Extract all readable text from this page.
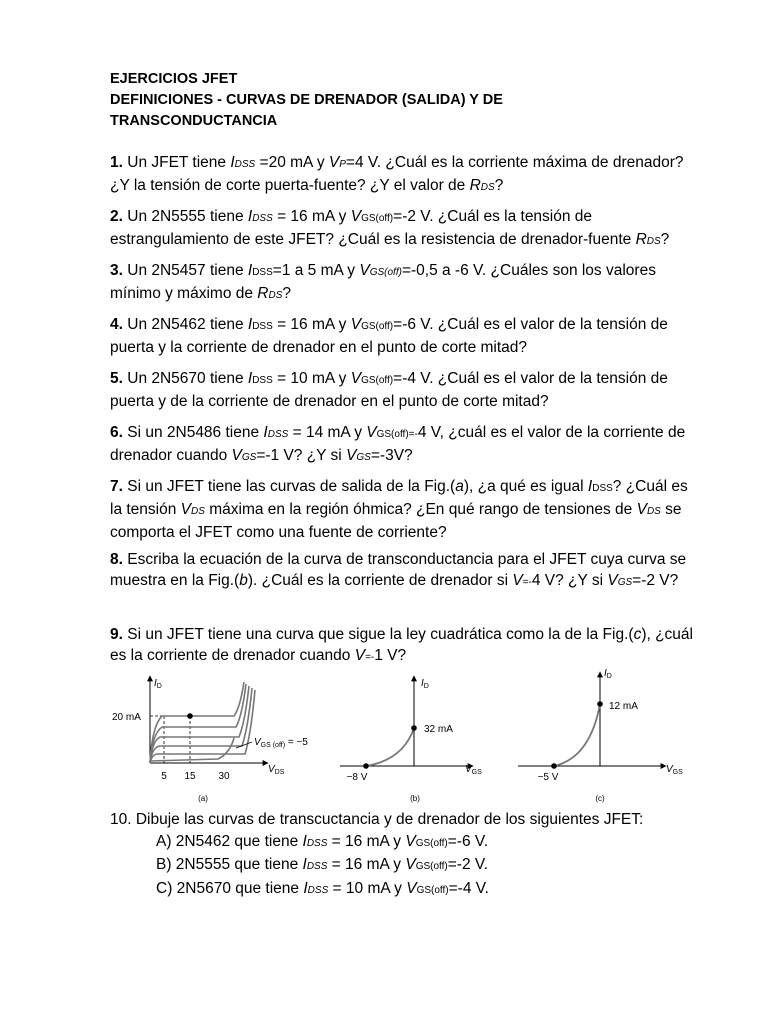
EJERCICIOS JFET
DEFINICIONES - CURVAS DE DRENADOR (SALIDA) Y DE
TRANSCONDUCTANCIA
1. Un JFET tiene IDSS =20 mA y VP=4 V. ¿Cuál es la corriente máxima de drenador? ¿Y la tensión de corte puerta-fuente? ¿Y el valor de RDS?
2. Un 2N5555 tiene IDSS = 16 mA y VGS(off)=-2 V. ¿Cuál es la tensión de estrangulamiento de este JFET? ¿Cuál es la resistencia de drenador-fuente RDS?
3. Un 2N5457 tiene IDSS=1 a 5 mA y VGS(off)=-0,5 a -6 V. ¿Cuáles son los valores mínimo y máximo de RDS?
4. Un 2N5462 tiene IDSS = 16 mA y VGS(off)=-6 V. ¿Cuál es el valor de la tensión de puerta y la corriente de drenador en el punto de corte mitad?
5. Un 2N5670 tiene IDSS = 10 mA y VGS(off)=-4 V. ¿Cuál es el valor de la tensión de puerta y de la corriente de drenador en el punto de corte mitad?
6. Si un 2N5486 tiene IDSS = 14 mA y VGS(off)=-4 V, ¿cuál es el valor de la corriente de drenador cuando VGS=-1 V? ¿Y si VGS=-3V?
7. Si un JFET tiene las curvas de salida de la Fig.(a), ¿a qué es igual IDSS? ¿Cuál es la tensión VDS máxima en la región óhmica? ¿En qué rango de tensiones de VDS se comporta el JFET como una fuente de corriente?
8. Escriba la ecuación de la curva de transconductancia para el JFET cuya curva se muestra en la Fig.(b). ¿Cuál es la corriente de drenador si V=-4 V? ¿Y si VGS=-2 V?
9. Si un JFET tiene una curva que sigue la ley cuadrática como la de la Fig.(c), ¿cuál es la corriente de drenador cuando V=-1 V?
$I_D$
$V_{DS}$
20 mA
$V_{GS (off)} = -5$
5 15 30
(a)
$I_D$
$V_{GS}$
32 mA
−8 V
(b)
$I_D$
$V_{GS}$
12 mA
−5 V
(c)
10. Dibuje las curvas de transcuctancia y de drenador de los siguientes JFET:
A) 2N5462 que tiene IDSS = 16 mA y VGS(off)=-6 V.
B) 2N5555 que tiene IDSS = 16 mA y VGS(off)=-2 V.
C) 2N5670 que tiene IDSS = 10 mA y VGS(off)=-4 V.
